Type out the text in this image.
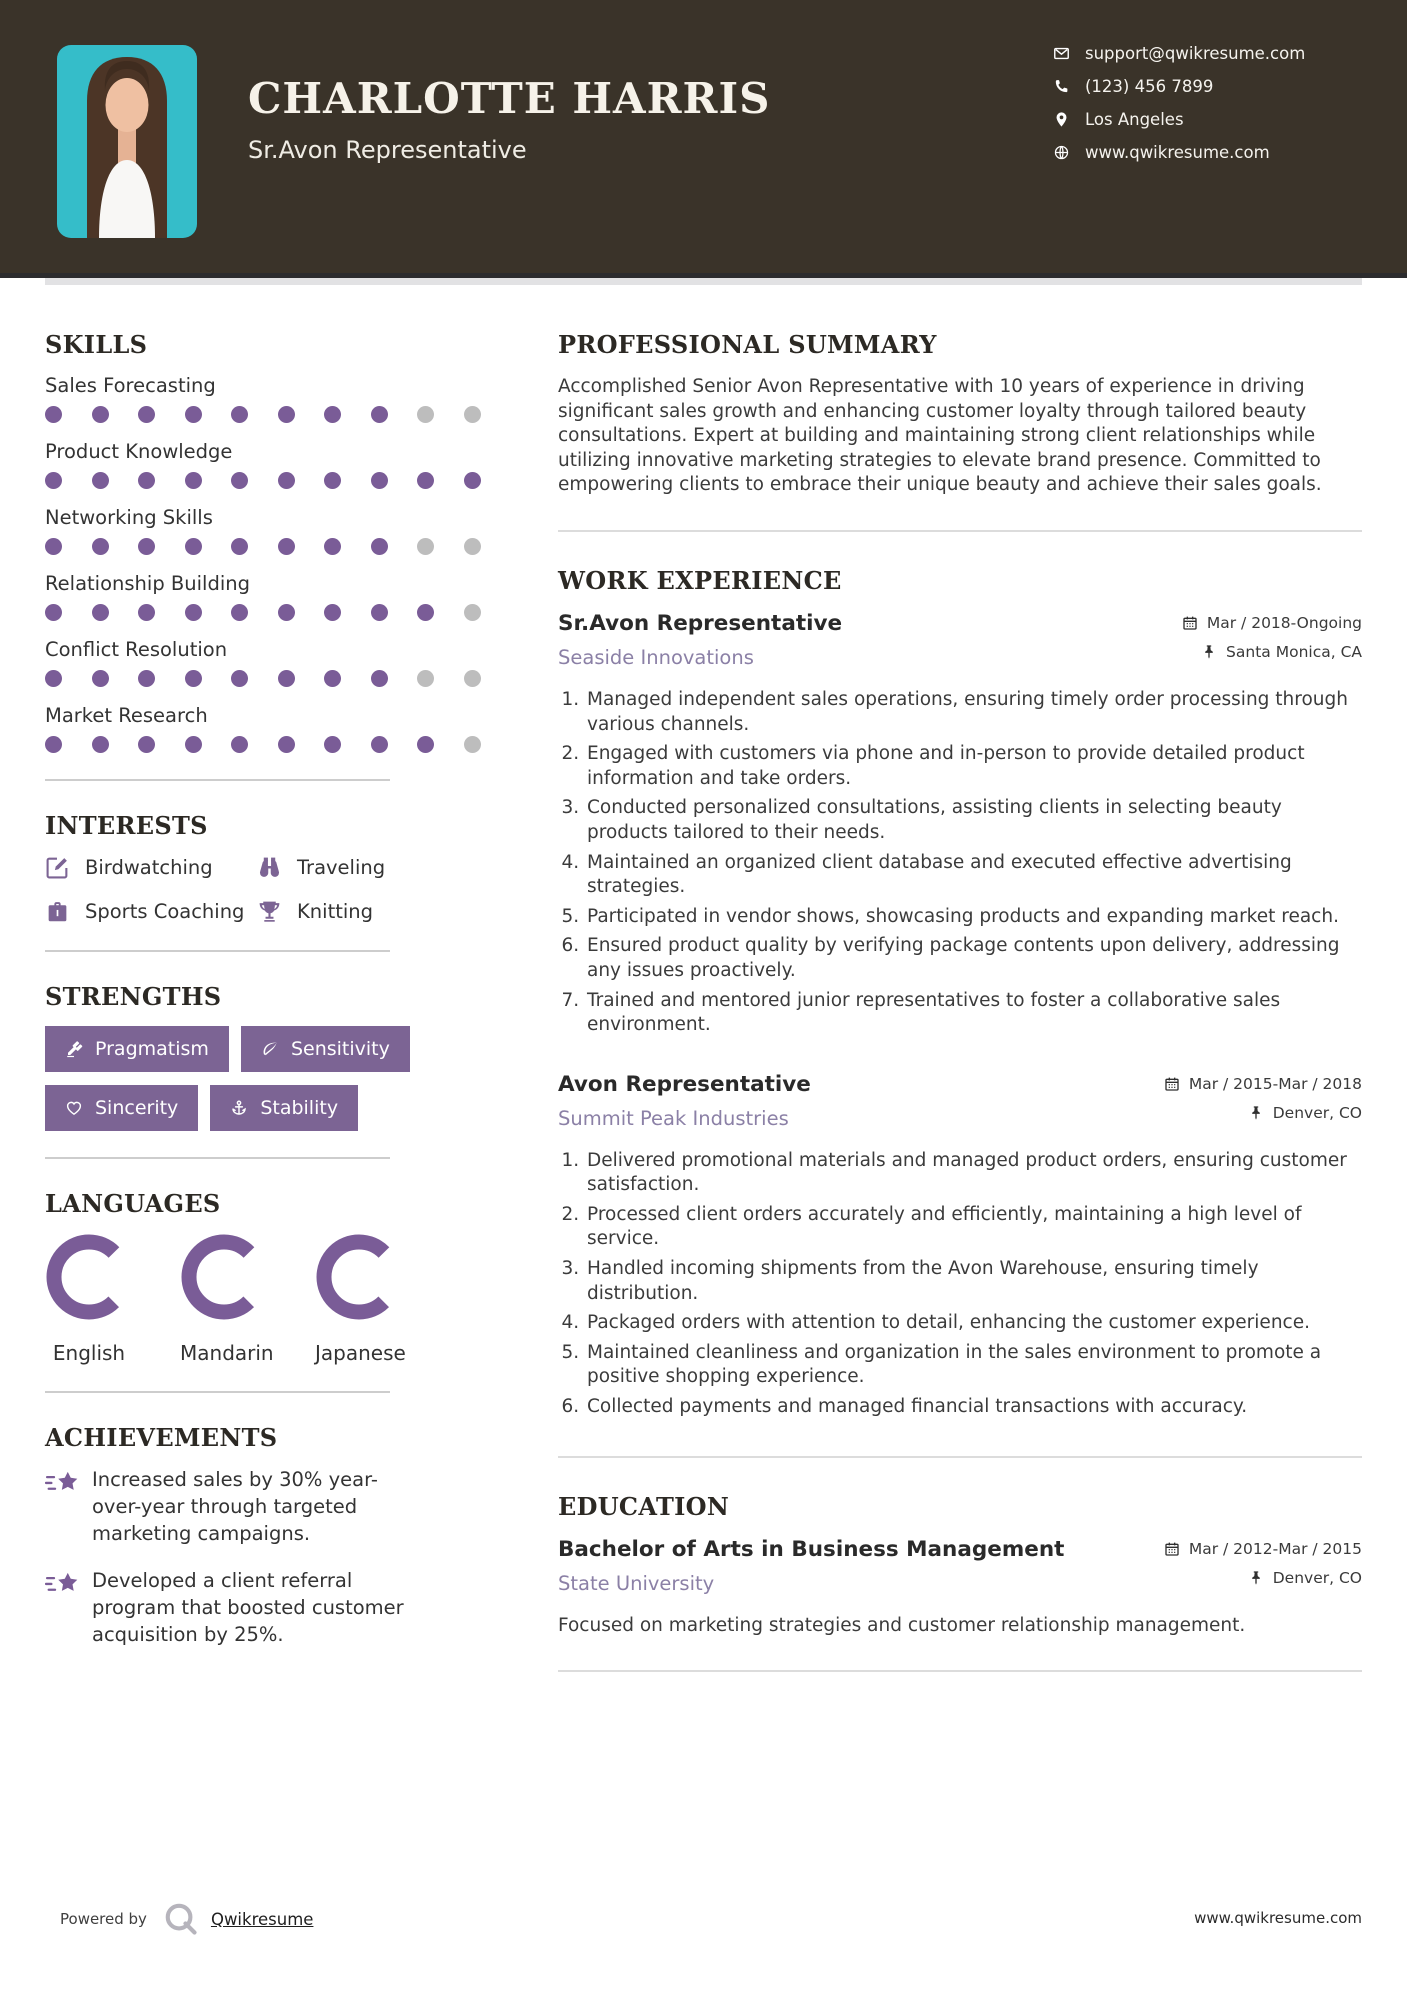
CHARLOTTE HARRIS
Sr.Avon Representative
support@qwikresume.com
(123) 456 7899
Los Angeles
www.qwikresume.com
SKILLS
Sales Forecasting
Product Knowledge
Networking Skills
Relationship Building
Conflict Resolution
Market Research
INTERESTS
Birdwatching	Traveling
Sports Coaching	Knitting
STRENGTHS
Pragmatism	Sensitivity
Sincerity	Stability
LANGUAGES
English	Mandarin Japanese
ACHIEVEMENTS
Increased sales by 30% year-over-year through targeted marketing campaigns.
Developed a client referral program that boosted customer acquisition by 25%.
PROFESSIONAL SUMMARY

Accomplished Senior Avon Representative with 10 years of experience in driving significant sales growth and enhancing customer loyalty through tailored beauty consultations. Expert at building and maintaining strong client relationships while utilizing innovative marketing strategies to elevate brand presence. Committed to empowering clients to embrace their unique beauty and achieve their sales goals.

WORK EXPERIENCE
Sr.Avon Representative
Seaside Innovations
Mar / 2018-Ongoing
Santa Monica, CA
1. Managed independent sales operations, ensuring timely order processing through various channels.
2. Engaged with customers via phone and in-person to provide detailed product information and take orders.
3. Conducted personalized consultations, assisting clients in selecting beauty products tailored to their needs.
4. Maintained an organized client database and executed effective advertising strategies.
5. Participated in vendor shows, showcasing products and expanding market reach.
6. Ensured product quality by verifying package contents upon delivery, addressing any issues proactively.
7. Trained and mentored junior representatives to foster a collaborative sales environment.
Avon Representative
Summit Peak Industries
Mar / 2015-Mar / 2018
Denver, CO
1. Delivered promotional materials and managed product orders, ensuring customer satisfaction.
2. Processed client orders accurately and efficiently, maintaining a high level of service.
3. Handled incoming shipments from the Avon Warehouse, ensuring timely distribution.
4. Packaged orders with attention to detail, enhancing the customer experience.
5. Maintained cleanliness and organization in the sales environment to promote a positive shopping experience.
6. Collected payments and managed financial transactions with accuracy.
EDUCATION
Bachelor of Arts in Business Management
State University
Mar / 2012-Mar / 2015
Denver, CO

Focused on marketing strategies and customer relationship management.

Powered by	Qwikresume	www.qwikresume.com
